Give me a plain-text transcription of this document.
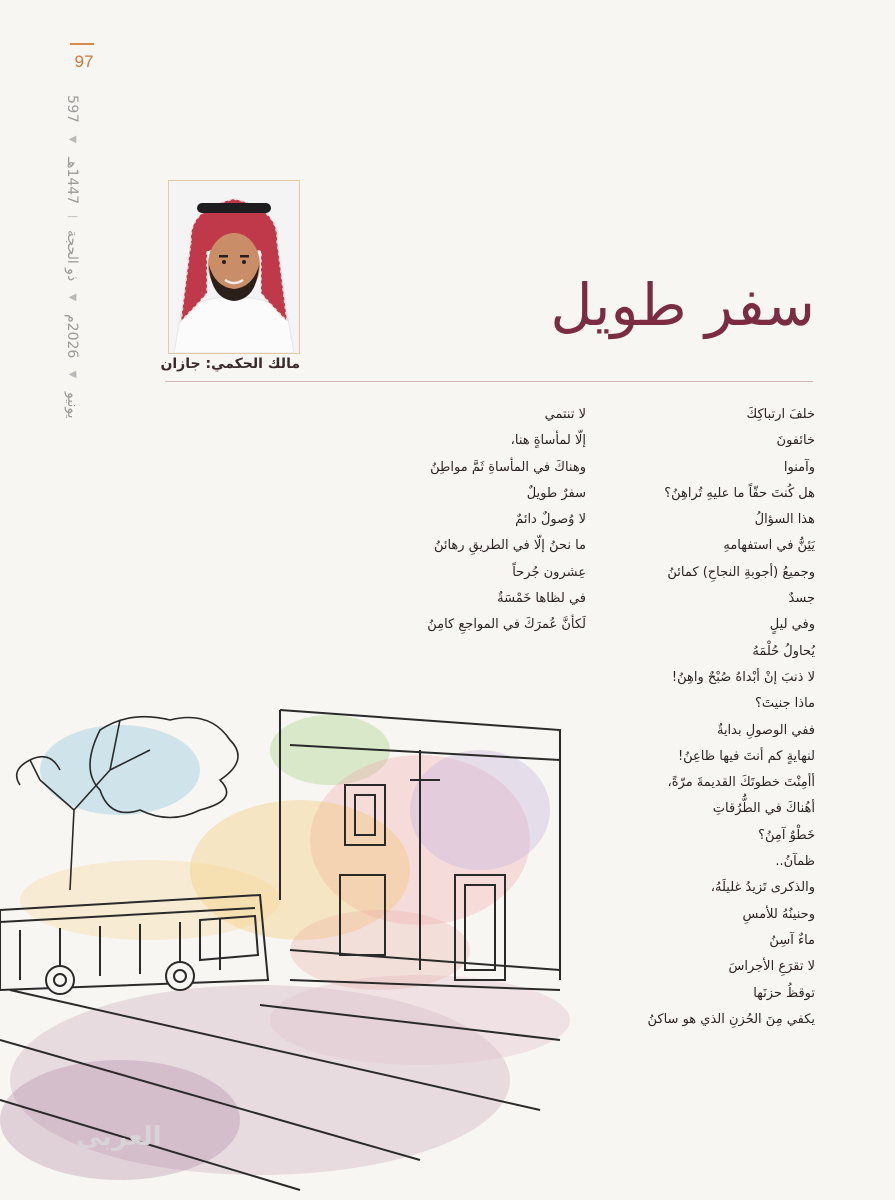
97
يونيو ◀ 2026م ◀ ذو الحجة | 1447هـ ◀ 597
مالك الحكمي: جازان
سفر طويل
خلفَ ارتباكِكَ
خائفونَ
وآمنوا
هل كُنتَ حقّاً ما عليهِ تُراهِنُ؟
هذا السؤالُ
يَئِنُّ في استفهامهِ
وجميعُ (أجوبةِ النجاحِ) كمائنُ
جسدٌ
وفي ليلٍ
يُحاولُ حُلْمَهُ
لا ذنبَ إنْ أبْداهُ صُبْحٌ واهِنُ!
ماذا جنيتَ؟
ففي الوصولِ بدايةٌ
لنهايةٍ كم أنتَ فيها ظاعِنُ!
أأمِنْتَ خطوتَكَ القديمةَ مرّةً،
أهُناكَ في الطُّرُقاتِ
خَطْوٌ آمِنُ؟
ظمآنُ..
والذكرى تَزيدُ غليلَهُ،
وحنينُهُ للأمسِ
ماءٌ آسِنُ
لا تقرَعِ الأجراسَ
توقظُ حزنَها
يكفي مِنَ الحُزنِ الذي هو ساكنُ
لا تنتمي
إلّا لمأساةٍ هنا،
وهناكَ في المأساةِ ثَمَّ مواطِنُ
سفرٌ طويلٌ
لا وُصولٌ دائمٌ
ما نحنُ إلّا في الطريقِ رهائنُ
عِشرون جُرحاً
في لظاها خَمْسَةٌ
لَكأنَّ عُمرَكَ في المواجعِ كامِنُ
العربي
